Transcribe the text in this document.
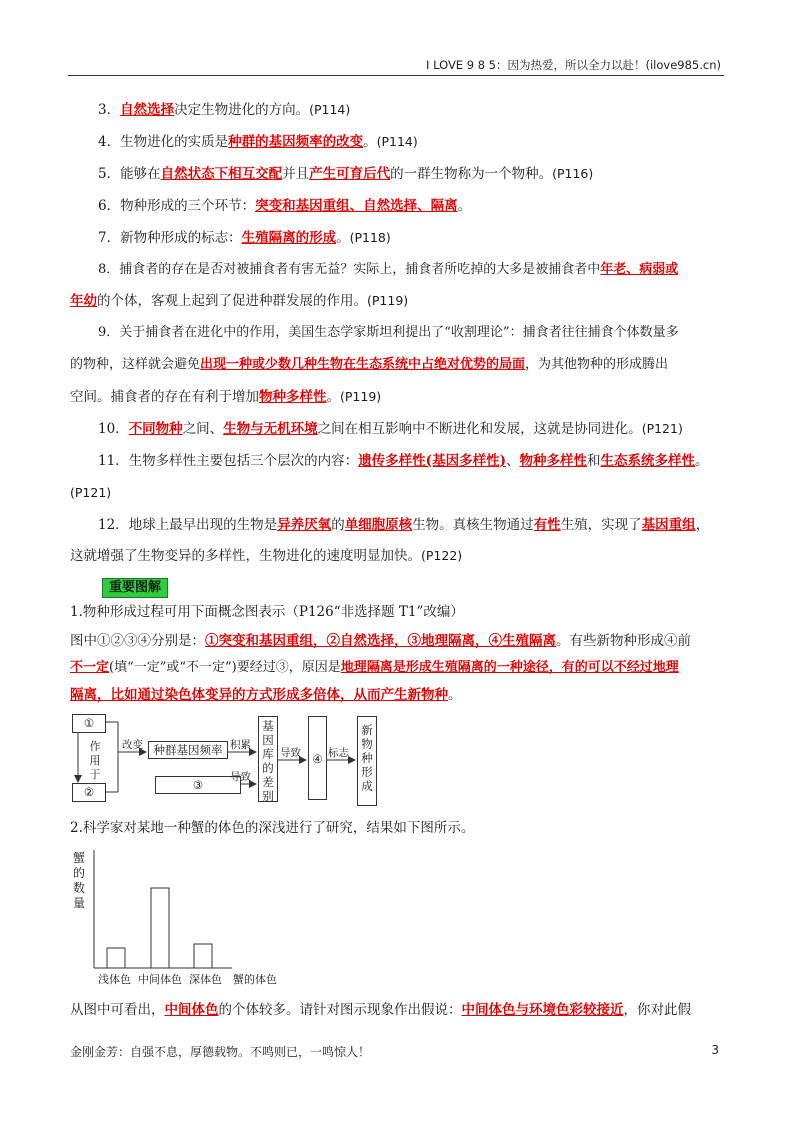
I LOVE 9 8 5：因为热爱，所以全力以赴！(ilove985.cn)
3．自然选择决定生物进化的方向。(P114)
4．生物进化的实质是种群的基因频率的改变。(P114)
5．能够在自然状态下相互交配并且产生可育后代的一群生物称为一个物种。(P116)
6．物种形成的三个环节：突变和基因重组、自然选择、隔离。
7．新物种形成的标志：生殖隔离的形成。(P118)
8．捕食者的存在是否对被捕食者有害无益？实际上，捕食者所吃掉的大多是被捕食者中年老、病弱或
年幼的个体，客观上起到了促进种群发展的作用。(P119)
9．关于捕食者在进化中的作用，美国生态学家斯坦利提出了“收割理论”：捕食者往往捕食个体数量多
的物种，这样就会避免出现一种或少数几种生物在生态系统中占绝对优势的局面，为其他物种的形成腾出
空间。捕食者的存在有利于增加物种多样性。(P119)
10．不同物种之间、生物与无机环境之间在相互影响中不断进化和发展，这就是协同进化。(P121)
11．生物多样性主要包括三个层次的内容：遗传多样性(基因多样性)、物种多样性和生态系统多样性。
(P121)
12．地球上最早出现的生物是异养厌氧的单细胞原核生物。真核生物通过有性生殖，实现了基因重组，
这就增强了生物变异的多样性，生物进化的速度明显加快。(P122)
重要图解
1.物种形成过程可用下面概念图表示（P126“非选择题 T1”改编）
图中①②③④分别是：①突变和基因重组，②自然选择，③地理隔离，④生殖隔离。有些新物种形成④前
不一定(填“一定”或“不一定”)要经过③，原因是地理隔离是形成生殖隔离的一种途径，有的可以不经过地理
隔离，比如通过染色体变异的方式形成多倍体，从而产生新物种。
①
②
作用于
改变 种群基因频率 积累
③
导致
基因库的差别
导致 ④ 标志
新物种形成
2.科学家对某地一种蟹的体色的深浅进行了研究，结果如下图所示。
蟹的数量
浅体色 中间体色 深体色 蟹的体色
从图中可看出，中间体色的个体较多。请针对图示现象作出假说：中间体色与环境色彩较接近，你对此假
金刚金芳：自强不息，厚德载物。不鸣则已，一鸣惊人！	3
